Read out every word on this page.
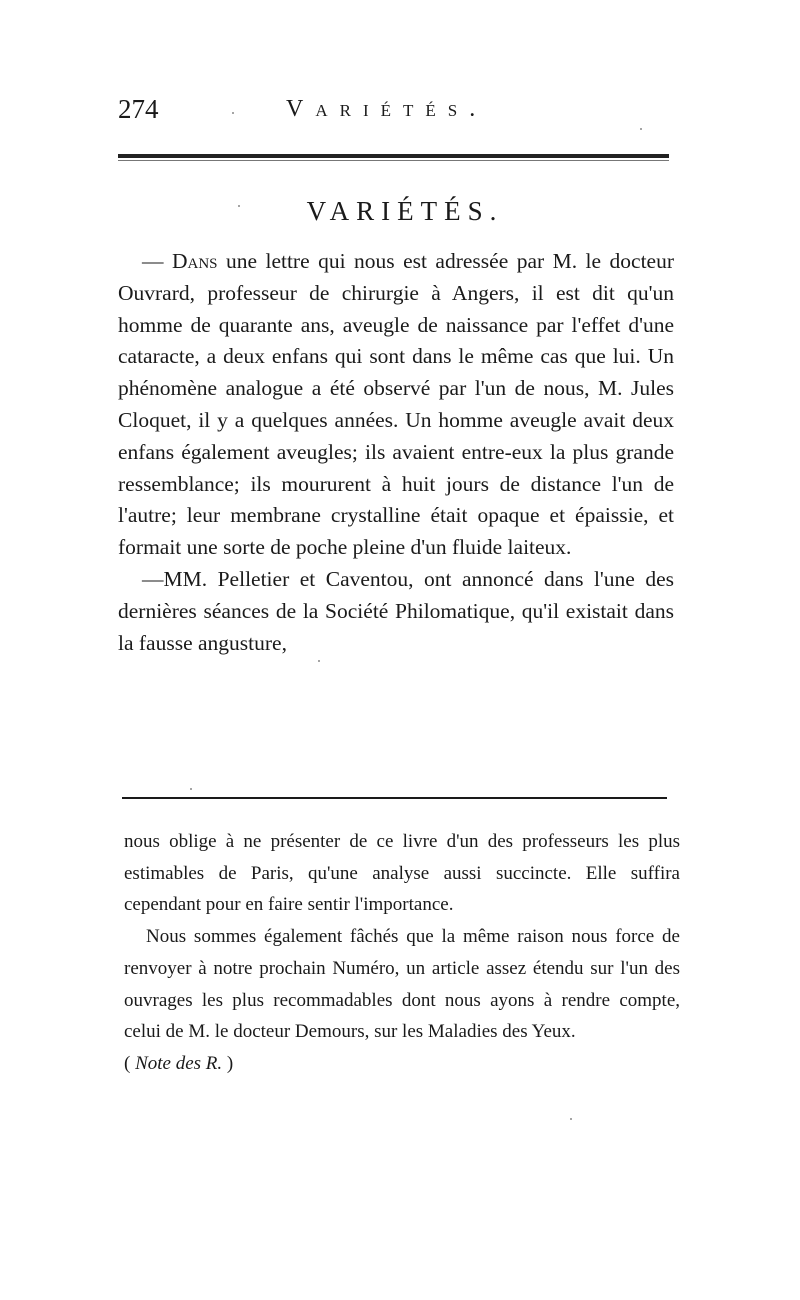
274	Variétés.
VARIÉTÉS.

— Dans une lettre qui nous est adressée par M. le docteur Ouvrard, professeur de chirurgie à Angers, il est dit qu'un homme de quarante ans, aveugle de naissance par l'effet d'une cataracte, a deux enfans qui sont dans le même cas que lui. Un phénomène analogue a été observé par l'un de nous, M. Jules Cloquet, il y a quelques années. Un homme aveugle avait deux enfans également aveugles; ils avaient entre-eux la plus grande ressemblance; ils moururent à huit jours de distance l'un de l'autre; leur membrane crystalline était opaque et épaissie, et formait une sorte de poche pleine d'un fluide laiteux.

—MM. Pelletier et Caventou, ont annoncé dans l'une des dernières séances de la Société Philomatique, qu'il existait dans la fausse angusture,

nous oblige à ne présenter de ce livre d'un des professeurs les plus estimables de Paris, qu'une analyse aussi succincte. Elle suffira cependant pour en faire sentir l'importance.

Nous sommes également fâchés que la même raison nous force de renvoyer à notre prochain Numéro, un article assez étendu sur l'un des ouvrages les plus recommadables dont nous ayons à rendre compte, celui de M. le docteur Demours, sur les Maladies des Yeux.

( Note des R. )
